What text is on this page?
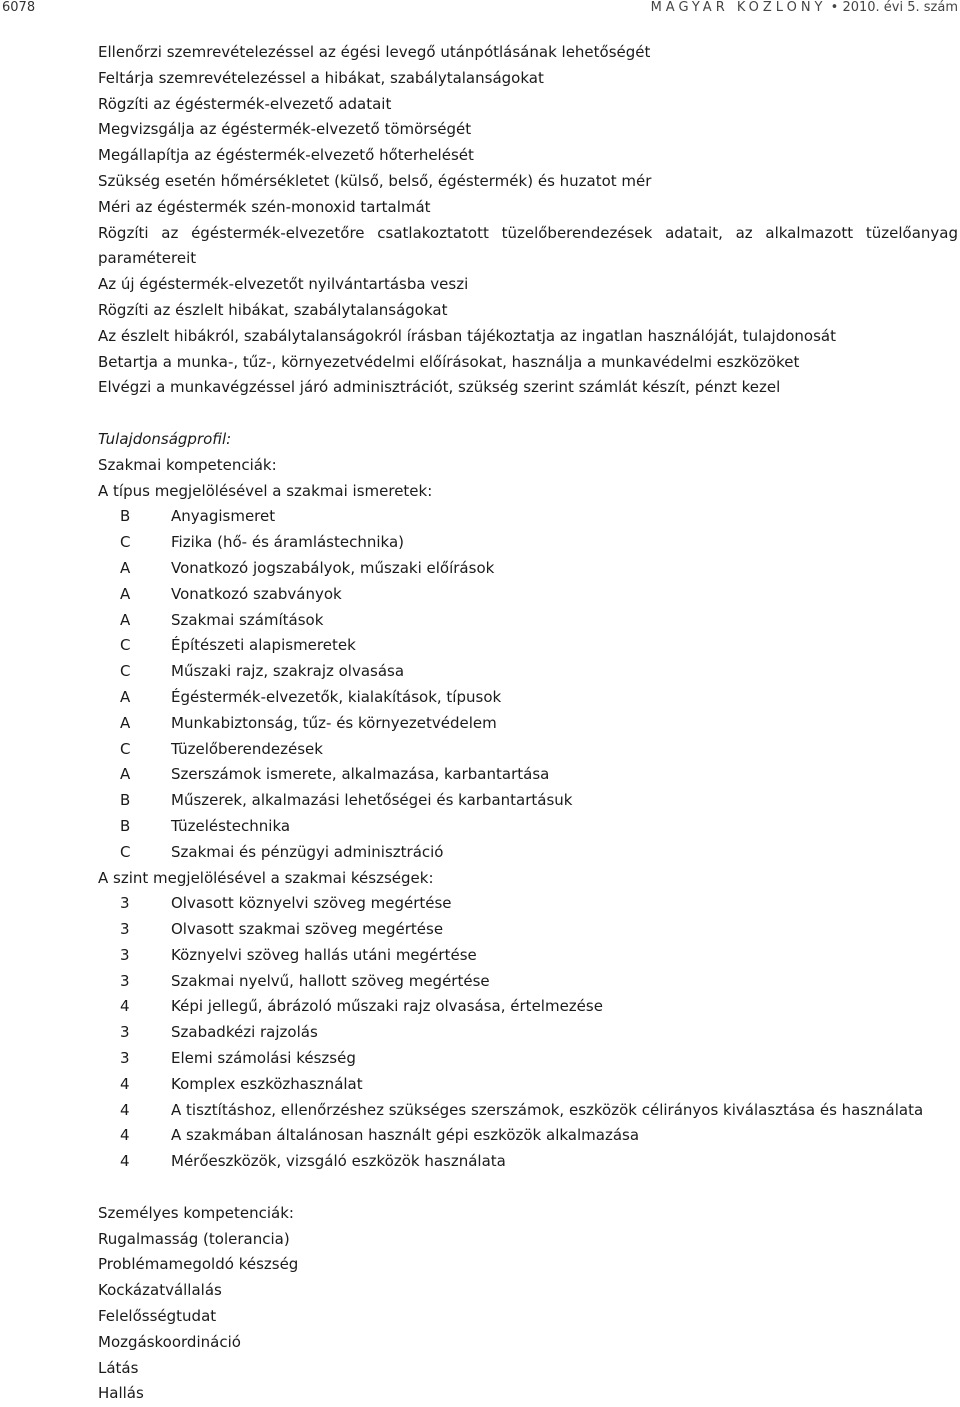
6078	MAGYAR KÖZLÖNY • 2010. évi 5. szám
Ellenőrzi szemrevételezéssel az égési levegő utánpótlásának lehetőségét
Feltárja szemrevételezéssel a hibákat, szabálytalanságokat
Rögzíti az égéstermék-elvezető adatait
Megvizsgálja az égéstermék-elvezető tömörségét
Megállapítja az égéstermék-elvezető hőterhelését
Szükség esetén hőmérsékletet (külső, belső, égéstermék) és huzatot mér
Méri az égéstermék szén-monoxid tartalmát
Rögzíti az égéstermék-elvezetőre csatlakoztatott tüzelőberendezések adatait, az alkalmazott tüzelőanyag
paramétereit
Az új égéstermék-elvezetőt nyilvántartásba veszi
Rögzíti az észlelt hibákat, szabálytalanságokat
Az észlelt hibákról, szabálytalanságokról írásban tájékoztatja az ingatlan használóját, tulajdonosát
Betartja a munka-, tűz-, környezetvédelmi előírásokat, használja a munkavédelmi eszközöket
Elvégzi a munkavégzéssel járó adminisztrációt, szükség szerint számlát készít, pénzt kezel
Tulajdonságprofil:
Szakmai kompetenciák:
A típus megjelölésével a szakmai ismeretek:
B	Anyagismeret
C	Fizika (hő- és áramlástechnika)
A	Vonatkozó jogszabályok, műszaki előírások
A	Vonatkozó szabványok
A	Szakmai számítások
C	Építészeti alapismeretek
C	Műszaki rajz, szakrajz olvasása
A	Égéstermék-elvezetők, kialakítások, típusok
A	Munkabiztonság, tűz- és környezetvédelem
C	Tüzelőberendezések
A	Szerszámok ismerete, alkalmazása, karbantartása
B	Műszerek, alkalmazási lehetőségei és karbantartásuk
B	Tüzeléstechnika
C	Szakmai és pénzügyi adminisztráció
A szint megjelölésével a szakmai készségek:
3	Olvasott köznyelvi szöveg megértése
3	Olvasott szakmai szöveg megértése
3	Köznyelvi szöveg hallás utáni megértése
3	Szakmai nyelvű, hallott szöveg megértése
4	Képi jellegű, ábrázoló műszaki rajz olvasása, értelmezése
3	Szabadkézi rajzolás
3	Elemi számolási készség
4	Komplex eszközhasználat
4	A tisztításhoz, ellenőrzéshez szükséges szerszámok, eszközök célirányos kiválasztása és használata
4	A szakmában általánosan használt gépi eszközök alkalmazása
4	Mérőeszközök, vizsgáló eszközök használata
Személyes kompetenciák:
Rugalmasság (tolerancia)
Problémamegoldó készség
Kockázatvállalás
Felelősségtudat
Mozgáskoordináció
Látás
Hallás
